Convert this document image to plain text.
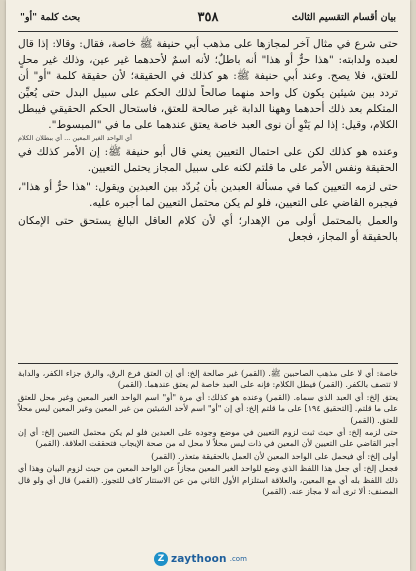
بيان أقسام التقسيم الثالث
٣٥٨
بحث كلمة "أو"

حتى شرع في مثال آخر لمجازها على مذهب أبي حنيفة ﷺ خاصة، فقال: وقالا: إذا قال لعبده ولدابته: "هذا حرٌّ أو هذا" أنه باطلٌ؛ لأنه اسمٌ لأحدهما غير عين، وذلك غير محلٍ للعتق، فلا يصح. وعند أبي حنيفة ﷺ: هو كذلك في الحقيقة؛ لأن حقيقة كلمة "أو" أن تردد بين شيئين يكون كل واحد منهما صالحاً لذلك الحكم على سبيل البدل حتى يُعيِّن المتكلم بعد ذلك أحدهما وههنا الدابة غير صالحة للعتق، فاستحال الحكم الحقيقي فيبطل الكلام، وقيل: إذا لم يَنْوِ أن نوى العبد خاصة يعتق عندهما على ما في "المبسوط".

أي الواحد الغير المعين ... أي ببطلان الكلام

وعنده هو كذلك لكن على احتمال التعيين يعني قال أبو حنيفة ﷺ: إن الأمر كذلك في الحقيقة ونفس الأمر على ما قلتم لكنه على سبيل المجاز يحتمل التعيين.

حتى لزمه التعيين كما في مسألة العبدين بأن يُردّد بين العبدين ويقول: "هذا حرٌّ أو هذا"، فيجبره القاضي على التعيين، فلو لم يكن محتمل التعيين لما أجبره عليه.

والعمل بالمحتمل أولى من الإهدار؛ أي لأن كلام العاقل البالغ يستحق حتى الإمكان بالحقيقة أو المجاز، فجعل

خاصة: أي لا على مذهب الصاحبين ﷺ. (القمر) غير صالحة إلخ: أي إن العتق فرع الرق، والرق جزاء الكفر، والدابة لا تتصف بالكفر. (القمر) فيطل الكلام: فإنه على العبد خاصة لم يعتق عندهما. (القمر)

يعتق إلخ: أي العبد الذي سماه. (القمر) وعنده هو كذلك: أي مرة "أو" اسم الواحد الغير المعين وغير محل للعتق على ما قلتم. [التحقيق ١٩٤] على ما قلتم إلخ: أي إن "أو" اسم لأحد الشيئين من غير المعين وغير المعين ليس محلاً للعتق. (القمر)

حتى لزمه إلخ: أي حيث ثبت لزوم التعيين في موضع وجوده على العبدين فلو لم يكن محتمل التعيين إلخ: أي إن أجبر القاضي على التعيين لأن المعين في ذات ليس محلاً لا محل له من صحة الإيجاب فتحققت العلاقة. (القمر)

أولى إلخ: أي فيحمل على الواحد المعين لأن العمل بالحقيقة متعذر. (القمر)

فجعل إلخ: أي جعل هذا اللفظ الذي وضع للواحد الغير المعين مجازاً عن الواحد المعين من حيث لزوم البيان وهذا أي ذلك اللفظ بله أي مع المعين، والعلاقة استلزام الأول الثاني من عن الاستتار كاف للتجوز. (القمر) قال أي ولو قال المصنف: ألا ترى أنه لا مجاز عنه. (القمر)

Z zaythoon .com
